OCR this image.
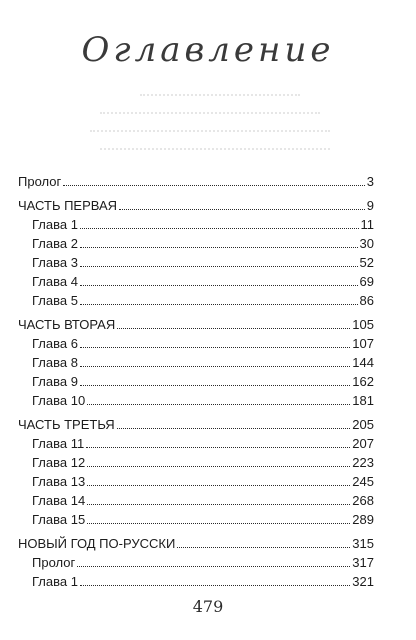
Оглавление
Пролог	3
ЧАСТЬ ПЕРВАЯ	9
Глава 1	11
Глава 2	30
Глава 3	52
Глава 4	69
Глава 5	86
ЧАСТЬ ВТОРАЯ	105
Глава 6	107
Глава 8	144
Глава 9	162
Глава 10	181
ЧАСТЬ ТРЕТЬЯ	205
Глава 11	207
Глава 12	223
Глава 13	245
Глава 14	268
Глава 15	289
НОВЫЙ ГОД ПО-РУССКИ	315
Пролог	317
Глава 1	321
479
